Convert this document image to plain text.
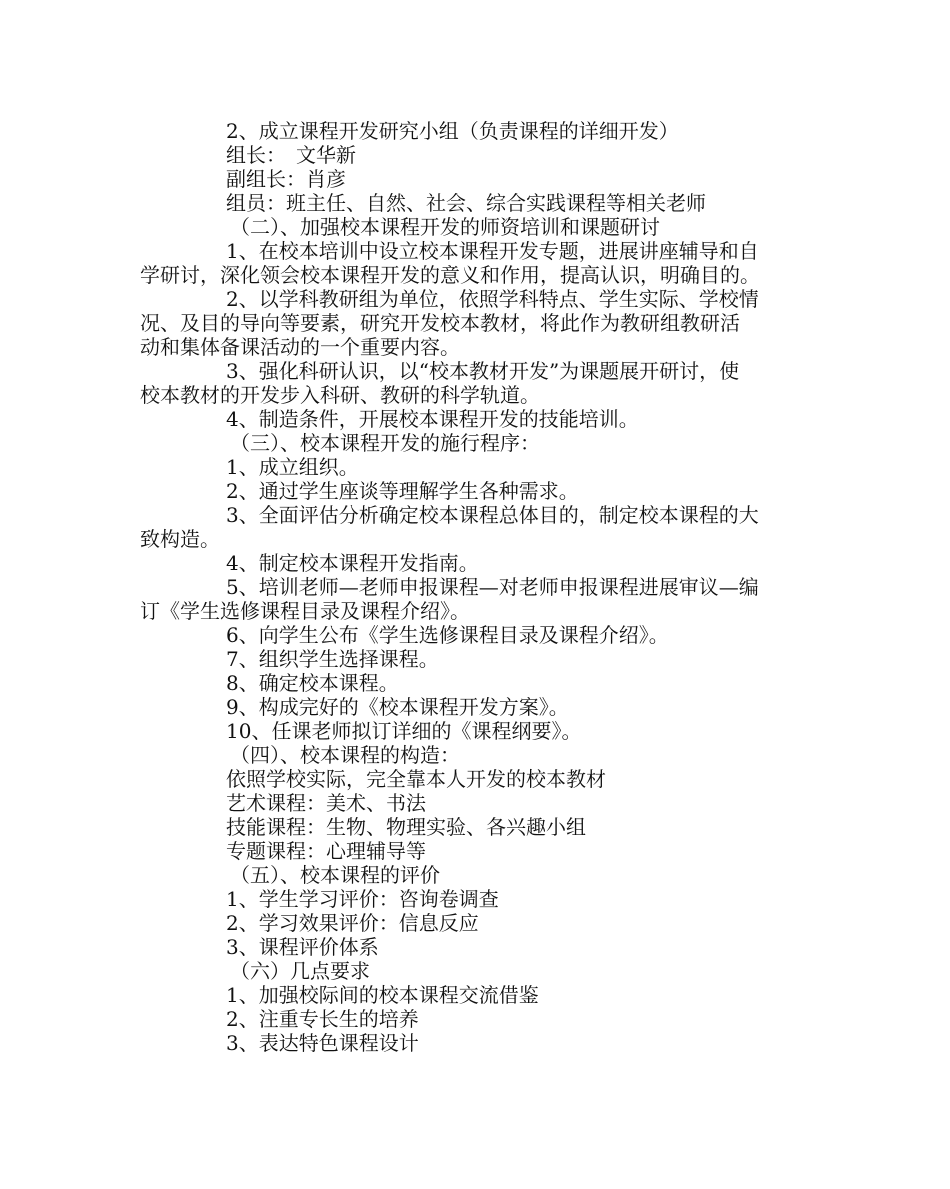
2、成立课程开发研究小组（负责课程的详细开发）
组长：　文华新
副组长：肖彦
组员：班主任、自然、社会、综合实践课程等相关老师
（二）、加强校本课程开发的师资培训和课题研讨
1、在校本培训中设立校本课程开发专题，进展讲座辅导和自
学研讨，深化领会校本课程开发的意义和作用，提高认识，明确目的。
2、以学科教研组为单位，依照学科特点、学生实际、学校情
况、及目的导向等要素，研究开发校本教材，将此作为教研组教研活
动和集体备课活动的一个重要内容。
3、强化科研认识，以“校本教材开发”为课题展开研讨，使
校本教材的开发步入科研、教研的科学轨道。
4、制造条件，开展校本课程开发的技能培训。
（三）、校本课程开发的施行程序：
1、成立组织。
2、通过学生座谈等理解学生各种需求。
3、全面评估分析确定校本课程总体目的，制定校本课程的大
致构造。
4、制定校本课程开发指南。
5、培训老师—老师申报课程—对老师申报课程进展审议—编
订《学生选修课程目录及课程介绍》。
6、向学生公布《学生选修课程目录及课程介绍》。
7、组织学生选择课程。
8、确定校本课程。
9、构成完好的《校本课程开发方案》。
10、任课老师拟订详细的《课程纲要》。
（四）、校本课程的构造：
依照学校实际，完全靠本人开发的校本教材
艺术课程：美术、书法
技能课程：生物、物理实验、各兴趣小组
专题课程：心理辅导等
（五）、校本课程的评价
1、学生学习评价：咨询卷调查
2、学习效果评价：信息反应
3、课程评价体系
（六）几点要求
1、加强校际间的校本课程交流借鉴
2、注重专长生的培养
3、表达特色课程设计
